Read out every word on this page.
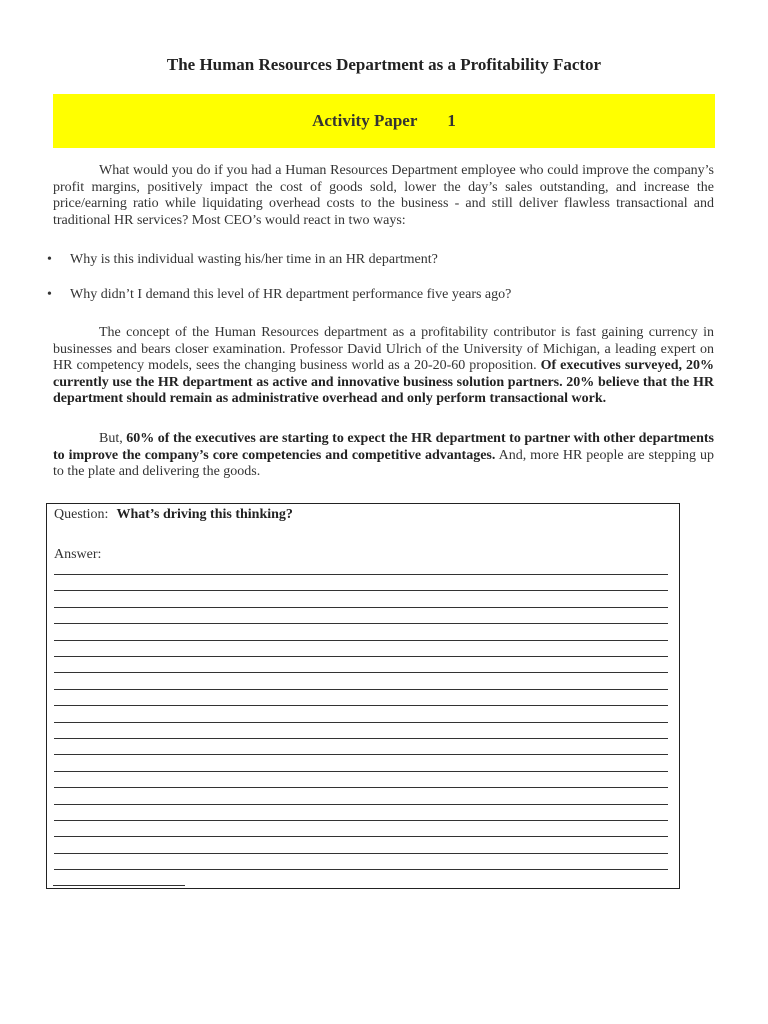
The Human Resources Department as a Profitability Factor
Activity Paper 1

What would you do if you had a Human Resources Department employee who could improve the company’s profit margins, positively impact the cost of goods sold, lower the day’s sales outstanding, and increase the price/earning ratio while liquidating overhead costs to the business - and still deliver flawless transactional and traditional HR services? Most CEO’s would react in two ways:

• Why is this individual wasting his/her time in an HR department?
• Why didn’t I demand this level of HR department performance five years ago?

The concept of the Human Resources department as a profitability contributor is fast gaining currency in businesses and bears closer examination. Professor David Ulrich of the University of Michigan, a leading expert on HR competency models, sees the changing business world as a 20-20-60 proposition. Of executives surveyed, 20% currently use the HR department as active and innovative business solution partners. 20% believe that the HR department should remain as administrative overhead and only perform transactional work.

But, 60% of the executives are starting to expect the HR department to partner with other departments to improve the company’s core competencies and competitive advantages. And, more HR people are stepping up to the plate and delivering the goods.

Question: What’s driving this thinking?
Answer:
